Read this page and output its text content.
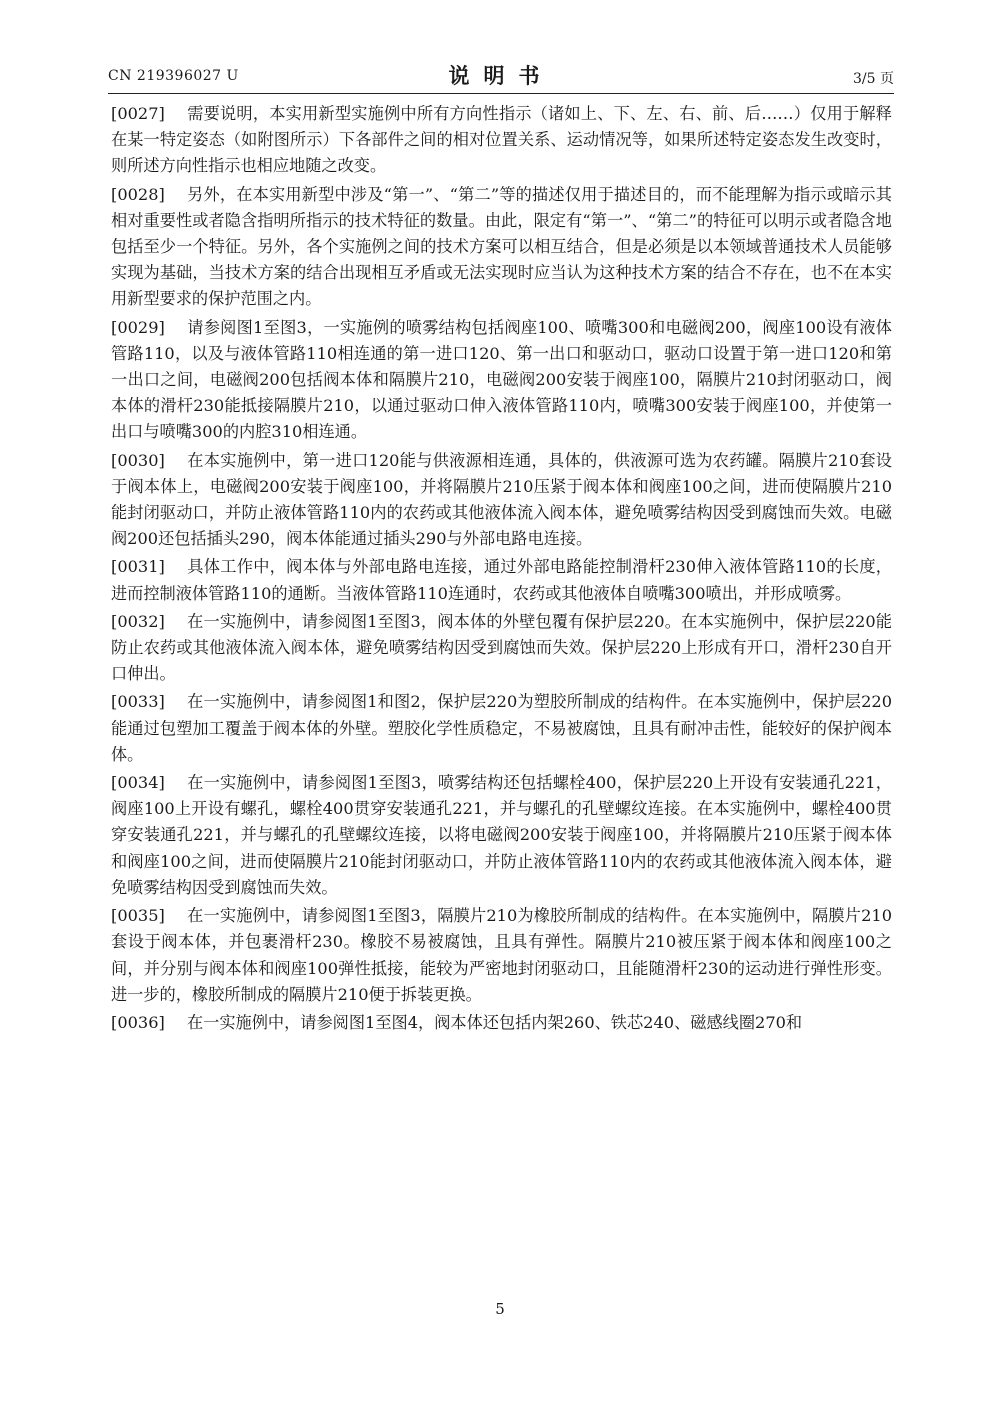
CN 219396027 U	说明书	3/5 页

[0027] 需要说明，本实用新型实施例中所有方向性指示（诸如上、下、左、右、前、后……）仅用于解释在某一特定姿态（如附图所示）下各部件之间的相对位置关系、运动情况等，如果所述特定姿态发生改变时，则所述方向性指示也相应地随之改变。

[0028] 另外，在本实用新型中涉及“第一”、“第二”等的描述仅用于描述目的，而不能理解为指示或暗示其相对重要性或者隐含指明所指示的技术特征的数量。由此，限定有“第一”、“第二”的特征可以明示或者隐含地包括至少一个特征。另外，各个实施例之间的技术方案可以相互结合，但是必须是以本领域普通技术人员能够实现为基础，当技术方案的结合出现相互矛盾或无法实现时应当认为这种技术方案的结合不存在，也不在本实用新型要求的保护范围之内。

[0029] 请参阅图1至图3，一实施例的喷雾结构包括阀座100、喷嘴300和电磁阀200，阀座100设有液体管路110，以及与液体管路110相连通的第一进口120、第一出口和驱动口，驱动口设置于第一进口120和第一出口之间，电磁阀200包括阀本体和隔膜片210，电磁阀200安装于阀座100，隔膜片210封闭驱动口，阀本体的滑杆230能抵接隔膜片210，以通过驱动口伸入液体管路110内，喷嘴300安装于阀座100，并使第一出口与喷嘴300的内腔310相连通。

[0030] 在本实施例中，第一进口120能与供液源相连通，具体的，供液源可选为农药罐。隔膜片210套设于阀本体上，电磁阀200安装于阀座100，并将隔膜片210压紧于阀本体和阀座100之间，进而使隔膜片210能封闭驱动口，并防止液体管路110内的农药或其他液体流入阀本体，避免喷雾结构因受到腐蚀而失效。电磁阀200还包括插头290，阀本体能通过插头290与外部电路电连接。

[0031] 具体工作中，阀本体与外部电路电连接，通过外部电路能控制滑杆230伸入液体管路110的长度，进而控制液体管路110的通断。当液体管路110连通时，农药或其他液体自喷嘴300喷出，并形成喷雾。

[0032] 在一实施例中，请参阅图1至图3，阀本体的外壁包覆有保护层220。在本实施例中，保护层220能防止农药或其他液体流入阀本体，避免喷雾结构因受到腐蚀而失效。保护层220上形成有开口，滑杆230自开口伸出。

[0033] 在一实施例中，请参阅图1和图2，保护层220为塑胶所制成的结构件。在本实施例中，保护层220能通过包塑加工覆盖于阀本体的外壁。塑胶化学性质稳定，不易被腐蚀，且具有耐冲击性，能较好的保护阀本体。

[0034] 在一实施例中，请参阅图1至图3，喷雾结构还包括螺栓400，保护层220上开设有安装通孔221，阀座100上开设有螺孔，螺栓400贯穿安装通孔221，并与螺孔的孔壁螺纹连接。在本实施例中，螺栓400贯穿安装通孔221，并与螺孔的孔壁螺纹连接，以将电磁阀200安装于阀座100，并将隔膜片210压紧于阀本体和阀座100之间，进而使隔膜片210能封闭驱动口，并防止液体管路110内的农药或其他液体流入阀本体，避免喷雾结构因受到腐蚀而失效。

[0035] 在一实施例中，请参阅图1至图3，隔膜片210为橡胶所制成的结构件。在本实施例中，隔膜片210套设于阀本体，并包裹滑杆230。橡胶不易被腐蚀，且具有弹性。隔膜片210被压紧于阀本体和阀座100之间，并分别与阀本体和阀座100弹性抵接，能较为严密地封闭驱动口，且能随滑杆230的运动进行弹性形变。进一步的，橡胶所制成的隔膜片210便于拆装更换。

[0036] 在一实施例中，请参阅图1至图4，阀本体还包括内架260、铁芯240、磁感线圈270和

5
